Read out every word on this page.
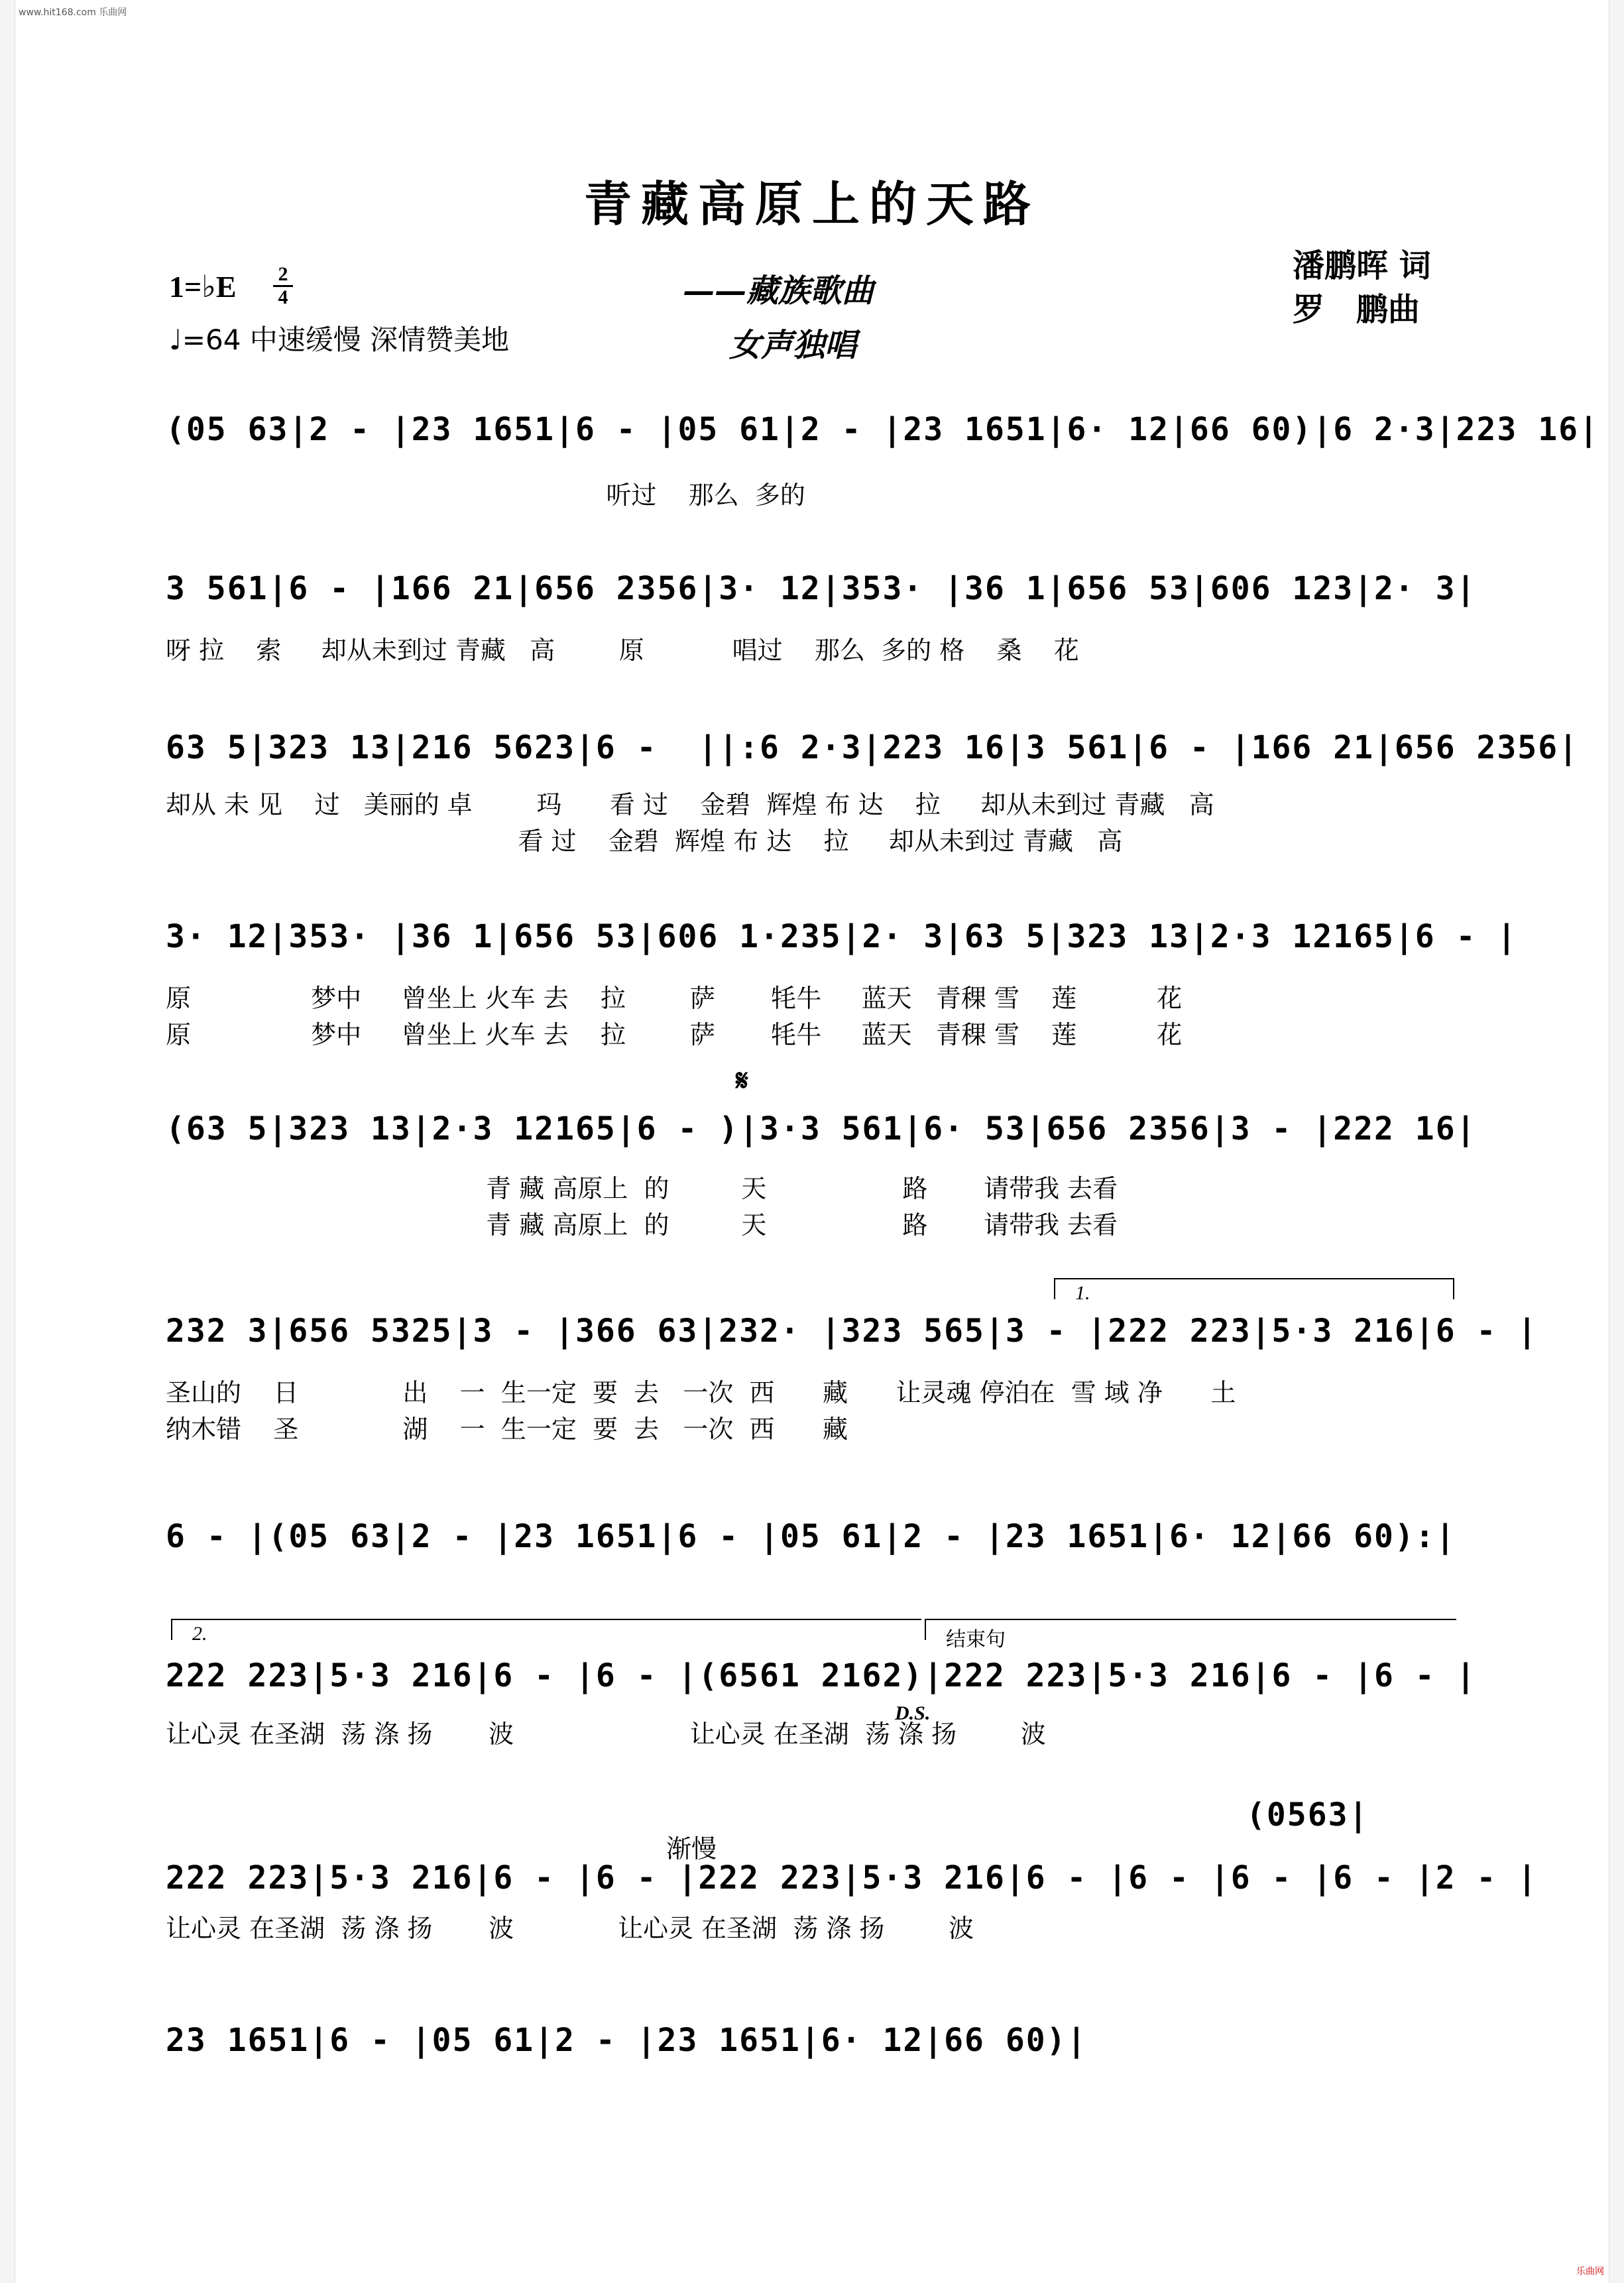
www.hit168.com 乐曲网
乐曲网
青藏高原上的天路
1=♭E 2
4
♩=64 中速缓慢 深情赞美地
——藏族歌曲
女声独唱
潘鹏晖 词
罗　鹏曲
(05 63|2 - |23 1651|6 - |05 61|2 - |23 1651|6· 12|66 60)|6 2·3|223 16|
听过    那么  多的
3 561|6 - |166 21|656 2356|3· 12|353· |36 1|656 53|606 123|2· 3|
呀 拉    索     却从未到过 青藏   高        原           唱过    那么  多的 格    桑    花
63 5|323 13|216 5623|6 -  ||:6 2·3|223 16|3 561|6 - |166 21|656 2356|
却从 未 见    过   美丽的 卓        玛      看 过    金碧  辉煌 布 达    拉     却从未到过 青藏   高
看 过    金碧  辉煌 布 达    拉     却从未到过 青藏   高
3· 12|353· |36 1|656 53|606 1·235|2· 3|63 5|323 13|2·3 12165|6 - |
原               梦中     曾坐上 火车 去    拉        萨       牦牛     蓝天   青稞 雪    莲          花
原               梦中     曾坐上 火车 去    拉        萨       牦牛     蓝天   青稞 雪    莲          花
𝄋
(63 5|323 13|2·3 12165|6 - )|3·3 561|6· 53|656 2356|3 - |222 16|
青 藏 高原上  的         天                 路       请带我 去看
青 藏 高原上  的         天                 路       请带我 去看
1.
232 3|656 5325|3 - |366 63|232· |323 565|3 - |222 223|5·3 216|6 - |
圣山的    日             出    一  生一定  要  去   一次  西      藏      让灵魂 停泊在  雪 域 净      土
纳木错    圣             湖    一  生一定  要  去   一次  西      藏
6 - |(05 63|2 - |23 1651|6 - |05 61|2 - |23 1651|6· 12|66 60):|
2.	结束句
222 223|5·3 216|6 - |6 - |(6561 2162)|222 223|5·3 216|6 - |6 - |
D.S.
让心灵 在圣湖  荡 涤 扬       波                      让心灵 在圣湖  荡 涤 扬        波
(0563|
渐慢
222 223|5·3 216|6 - |6 - |222 223|5·3 216|6 - |6 - |6 - |6 - |2 - |
让心灵 在圣湖  荡 涤 扬       波             让心灵 在圣湖  荡 涤 扬        波
23 1651|6 - |05 61|2 - |23 1651|6· 12|66 60)|
